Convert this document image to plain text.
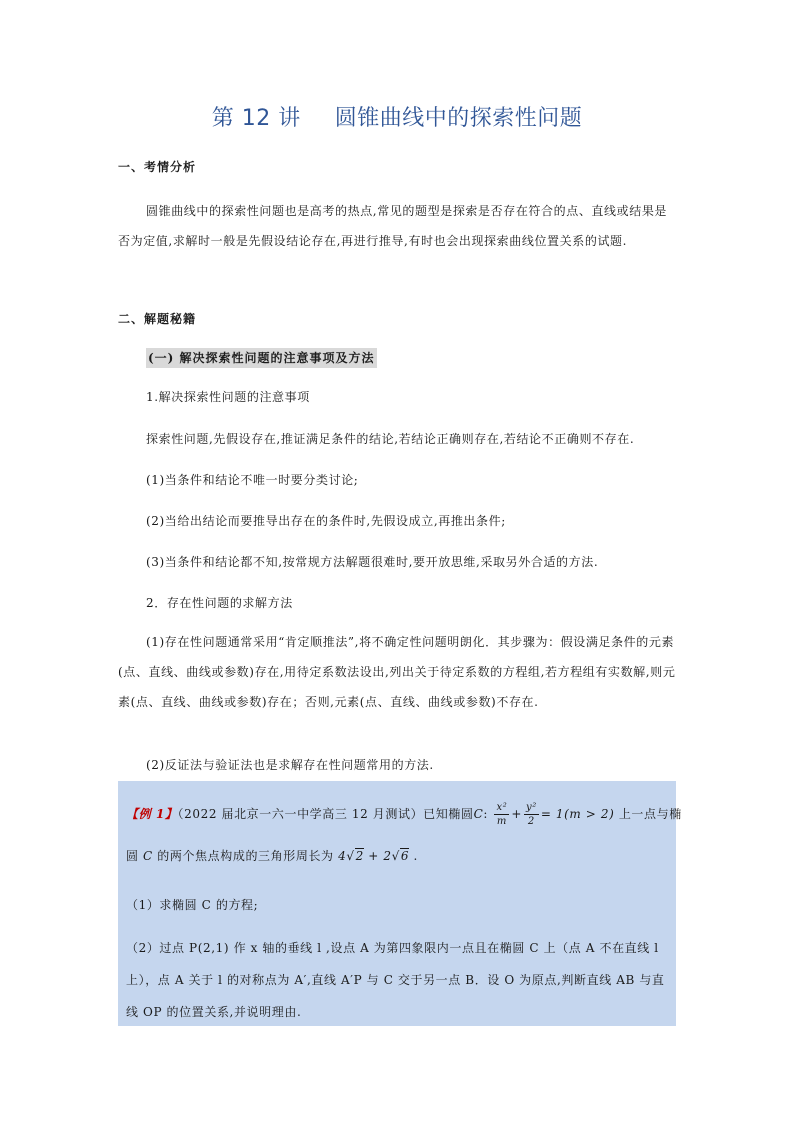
第 12 讲 圆锥曲线中的探索性问题
一、考情分析
圆锥曲线中的探索性问题也是高考的热点,常见的题型是探索是否存在符合的点、直线或结果是否为定值,求解时一般是先假设结论存在,再进行推导,有时也会出现探索曲线位置关系的试题.
二、解题秘籍
(一) 解决探索性问题的注意事项及方法
1.解决探索性问题的注意事项
探索性问题,先假设存在,推证满足条件的结论,若结论正确则存在,若结论不正确则不存在.
(1)当条件和结论不唯一时要分类讨论;
(2)当给出结论而要推导出存在的条件时,先假设成立,再推出条件;
(3)当条件和结论都不知,按常规方法解题很难时,要开放思维,采取另外合适的方法.
2．存在性问题的求解方法
(1)存在性问题通常采用“肯定顺推法”,将不确定性问题明朗化．其步骤为：假设满足条件的元素(点、直线、曲线或参数)存在,用待定系数法设出,列出关于待定系数的方程组,若方程组有实数解,则元素(点、直线、曲线或参数)存在；否则,元素(点、直线、曲线或参数)不存在.
(2)反证法与验证法也是求解存在性问题常用的方法.
【例 1】（2022 届北京一六一中学高三 12 月测试）已知椭圆C: $\frac{\text{x²}}{m} + \frac{\text{y²}}{2} = 1(m > 2)$ 上一点与椭
圆 C 的两个焦点构成的三角形周长为 4√2 + 2√6 .
（1）求椭圆 C 的方程;
（2）过点 P(2,1) 作 x 轴的垂线 l ,设点 A 为第四象限内一点且在椭圆 C 上（点 A 不在直线 l
上），点 A 关于 l 的对称点为 A′,直线 A′P 与 C 交于另一点 B．设 O 为原点,判断直线 AB 与直
线 OP 的位置关系,并说明理由.
